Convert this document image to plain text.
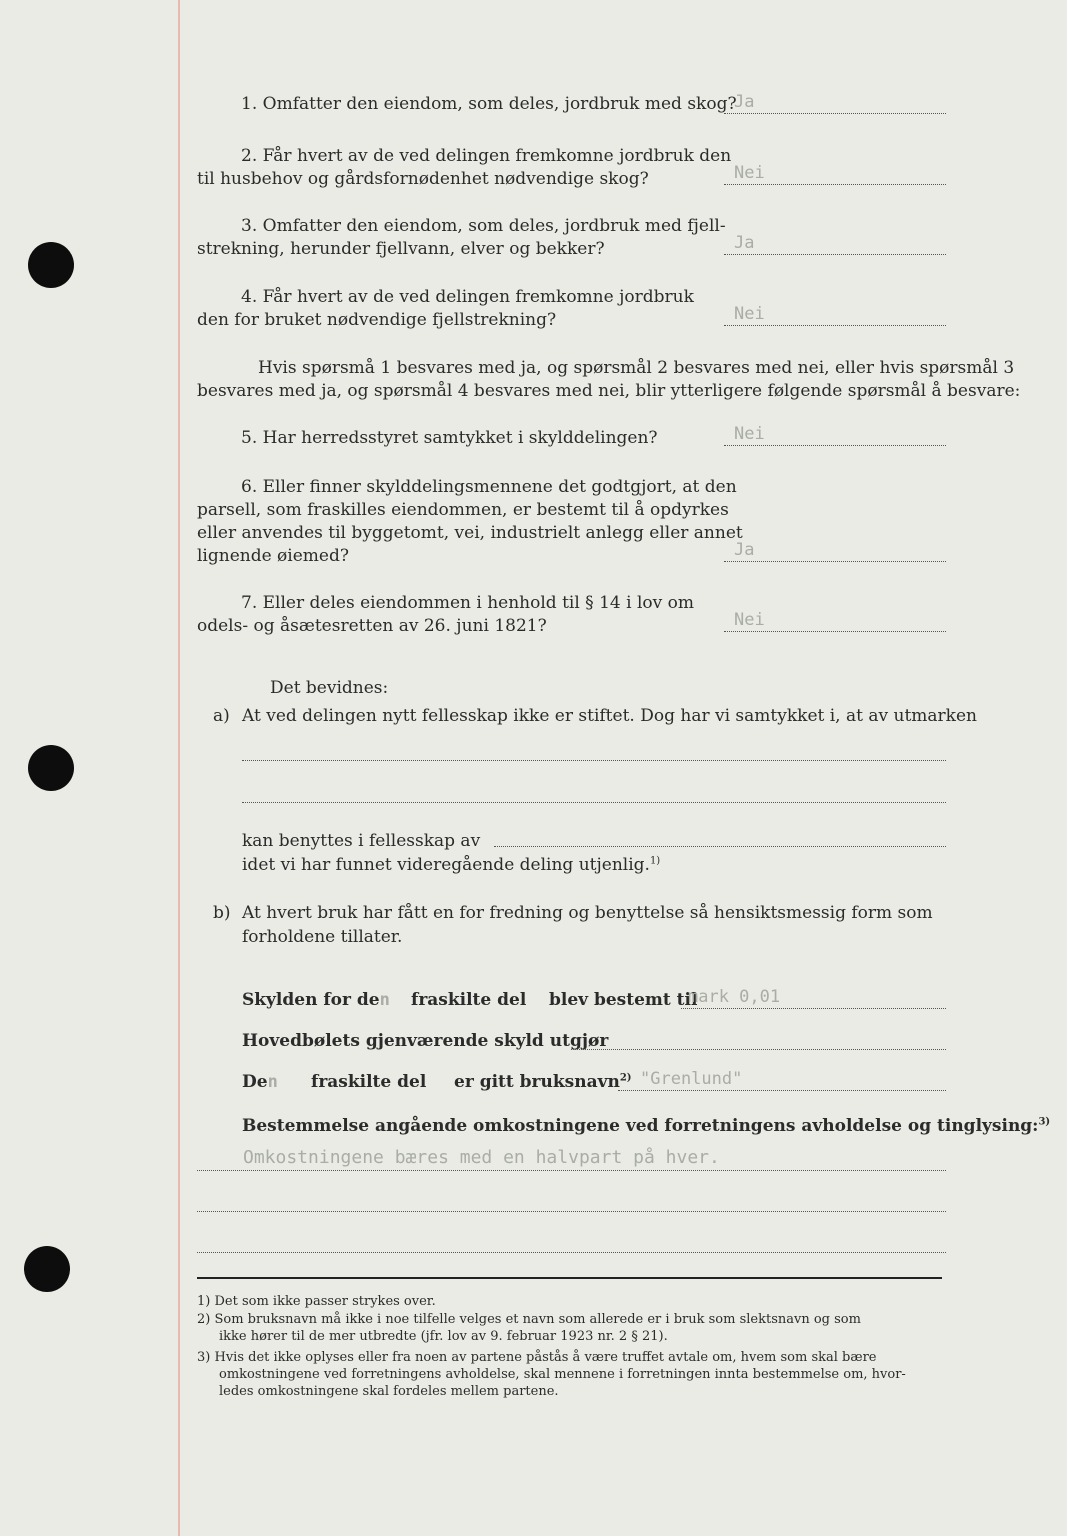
1. Omfatter den eiendom, som deles, jordbruk med skog?
Ja
2. Får hvert av de ved delingen fremkomne jordbruk den
til husbehov og gårdsfornødenhet nødvendige skog?	Nei
3. Omfatter den eiendom, som deles, jordbruk med fjell-
strekning, herunder fjellvann, elver og bekker?	Ja
4. Får hvert av de ved delingen fremkomne jordbruk
den for bruket nødvendige fjellstrekning?	Nei
Hvis spørsmå 1 besvares med ja, og spørsmål 2 besvares med nei, eller hvis spørsmål 3
besvares med ja, og spørsmål 4 besvares med nei, blir ytterligere følgende spørsmål å besvare:
5. Har herredsstyret samtykket i skylddelingen?	Nei
6. Eller finner skylddelingsmennene det godtgjort, at den
parsell, som fraskilles eiendommen, er bestemt til å opdyrkes
eller anvendes til byggetomt, vei, industrielt anlegg eller annet
lignende øiemed?	Ja
7. Eller deles eiendommen i henhold til § 14 i lov om
odels- og åsætesretten av 26. juni 1821?	Nei
Det bevidnes:
a) At ved delingen nytt fellesskap ikke er stiftet. Dog har vi samtykket i, at av utmarken
kan benyttes i fellesskap av
idet vi har funnet videregående deling utjenlig.$^{1)}$
b) At hvert bruk har fått en for fredning og benyttelse så hensiktsmessig form som
forholdene tillater.
Skylden for den fraskilte del blev bestemt til
mark 0,01
Hovedbølets gjenværende skyld utgjør
Den fraskilte del er gitt bruksnavn$^{2)}$ "Grenlund"
Bestemmelse angående omkostningene ved forretningens avholdelse og tinglysing:$^{3)}$
Omkostningene bæres med en halvpart på hver.
1) Det som ikke passer strykes over.
2) Som bruksnavn må ikke i noe tilfelle velges et navn som allerede er i bruk som slektsnavn og som
ikke hører til de mer utbredte (jfr. lov av 9. februar 1923 nr. 2 § 21).
3) Hvis det ikke oplyses eller fra noen av partene påstås å være truffet avtale om, hvem som skal bære
omkostningene ved forretningens avholdelse, skal mennene i forretningen innta bestemmelse om, hvor-
ledes omkostningene skal fordeles mellem partene.
